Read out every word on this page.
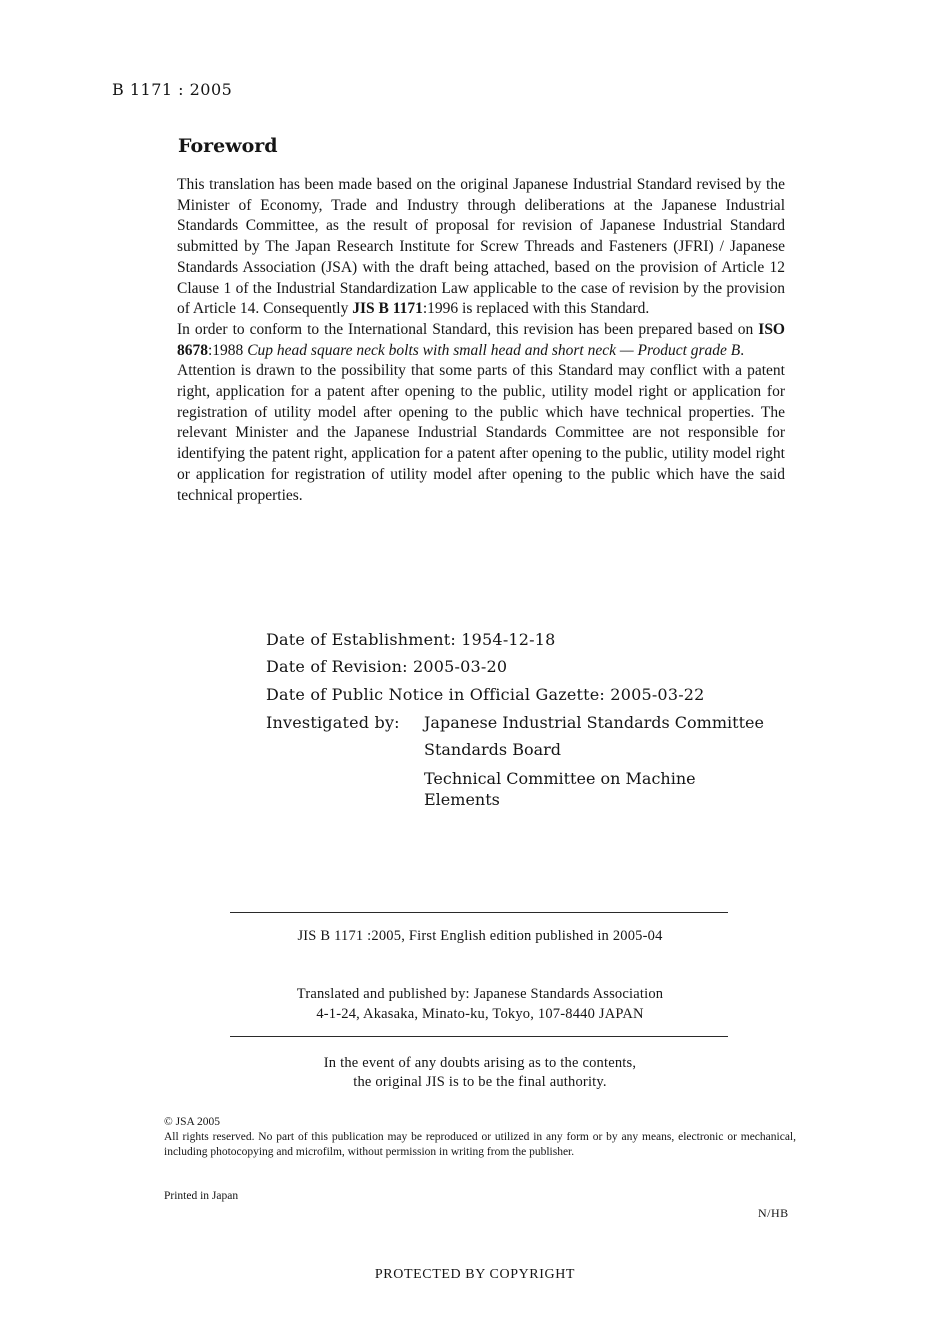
B 1171 : 2005
Foreword

This translation has been made based on the original Japanese Industrial Standard revised by the Minister of Economy, Trade and Industry through deliberations at the Japanese Industrial Standards Committee, as the result of proposal for revision of Japanese Industrial Standard submitted by The Japan Research Institute for Screw Threads and Fasteners (JFRI) / Japanese Standards Association (JSA) with the draft being attached, based on the provision of Article 12 Clause 1 of the Industrial Standardization Law applicable to the case of revision by the provision of Article 14. Consequently JIS B 1171:1996 is replaced with this Standard.

In order to conform to the International Standard, this revision has been prepared based on ISO 8678:1988 Cup head square neck bolts with small head and short neck — Product grade B.

Attention is drawn to the possibility that some parts of this Standard may conflict with a patent right, application for a patent after opening to the public, utility model right or application for registration of utility model after opening to the public which have technical properties. The relevant Minister and the Japanese Industrial Standards Committee are not responsible for identifying the patent right, application for a patent after opening to the public, utility model right or application for registration of utility model after opening to the public which have the said technical properties.

Date of Establishment: 1954-12-18
Date of Revision: 2005-03-20
Date of Public Notice in Official Gazette: 2005-03-22
Investigated by: Japanese Industrial Standards Committee
Standards Board
Technical Committee on Machine Elements
JIS B 1171 :2005, First English edition published in 2005-04
Translated and published by: Japanese Standards Association
4-1-24, Akasaka, Minato-ku, Tokyo, 107-8440 JAPAN
In the event of any doubts arising as to the contents,
the original JIS is to be the final authority.

© JSA 2005

All rights reserved. No part of this publication may be reproduced or utilized in any form or by any means, electronic or mechanical, including photocopying and microfilm, without permission in writing from the publisher.

Printed in Japan
N/HB
PROTECTED BY COPYRIGHT
